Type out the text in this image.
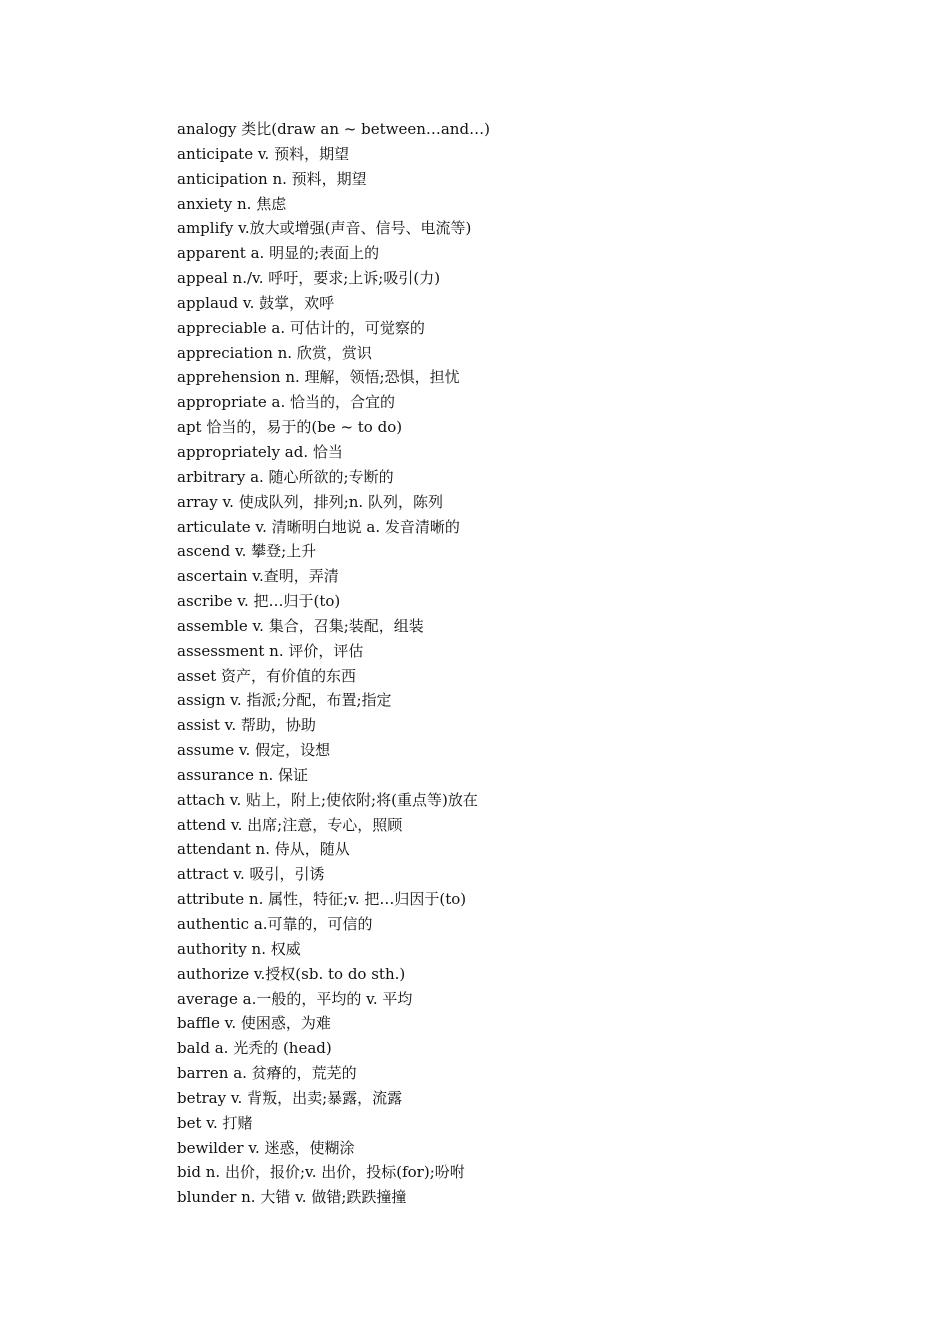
analogy 类比(draw an ~ between…and…)
anticipate v. 预料，期望
anticipation n. 预料，期望
anxiety n. 焦虑
amplify v.放大或增强(声音、信号、电流等)
apparent a. 明显的;表面上的
appeal n./v. 呼吁，要求;上诉;吸引(力)
applaud v. 鼓掌，欢呼
appreciable a. 可估计的，可觉察的
appreciation n. 欣赏，赏识
apprehension n. 理解，领悟;恐惧，担忧
appropriate a. 恰当的，合宜的
apt 恰当的，易于的(be ~ to do)
appropriately ad. 恰当
arbitrary a. 随心所欲的;专断的
array v. 使成队列，排列;n. 队列，陈列
articulate v. 清晰明白地说 a. 发音清晰的
ascend v. 攀登;上升
ascertain v.查明，弄清
ascribe v. 把…归于(to)
assemble v. 集合，召集;装配，组装
assessment n. 评价，评估
asset 资产，有价值的东西
assign v. 指派;分配，布置;指定
assist v. 帮助，协助
assume v. 假定，设想
assurance n. 保证
attach v. 贴上，附上;使依附;将(重点等)放在
attend v. 出席;注意，专心，照顾
attendant n. 侍从，随从
attract v. 吸引，引诱
attribute n. 属性，特征;v. 把…归因于(to)
authentic a.可靠的，可信的
authority n. 权威
authorize v.授权(sb. to do sth.)
average a.一般的，平均的 v. 平均
baffle v. 使困惑，为难
bald a. 光秃的 (head)
barren a. 贫瘠的，荒芜的
betray v. 背叛，出卖;暴露，流露
bet v. 打赌
bewilder v. 迷惑，使糊涂
bid n. 出价，报价;v. 出价，投标(for);吩咐
blunder n. 大错 v. 做错;跌跌撞撞
